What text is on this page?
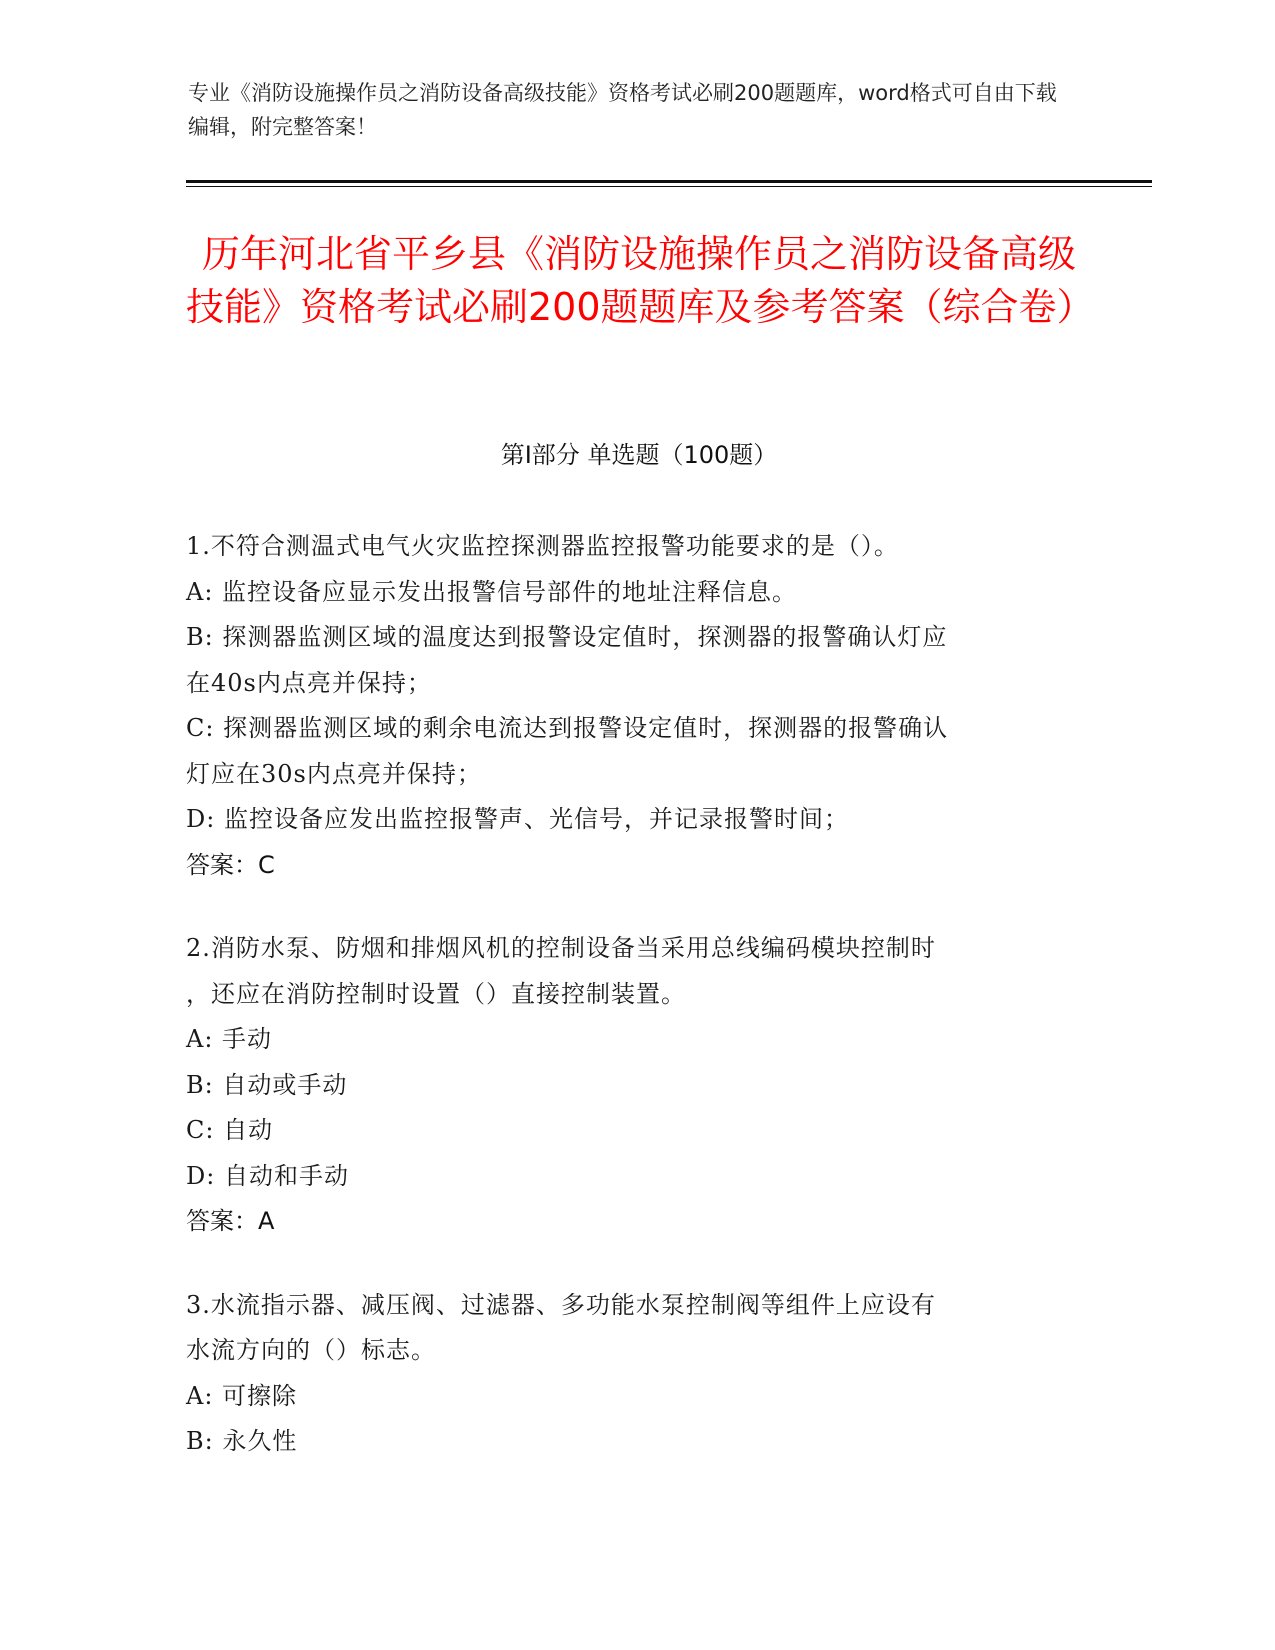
专业《消防设施操作员之消防设备高级技能》资格考试必刷200题题库，word格式可自由下载编辑，附完整答案！
历年河北省平乡县《消防设施操作员之消防设备高级技能》资格考试必刷200题题库及参考答案（综合卷）
第I部分 单选题（100题）
1.不符合测温式电气火灾监控探测器监控报警功能要求的是（）。
A: 监控设备应显示发出报警信号部件的地址注释信息。
B: 探测器监测区域的温度达到报警设定值时，探测器的报警确认灯应
在40s内点亮并保持；
C: 探测器监测区域的剩余电流达到报警设定值时，探测器的报警确认
灯应在30s内点亮并保持；
D: 监控设备应发出监控报警声、光信号，并记录报警时间；
答案：C
2.消防水泵、防烟和排烟风机的控制设备当采用总线编码模块控制时
，还应在消防控制时设置（）直接控制装置。
A: 手动
B: 自动或手动
C: 自动
D: 自动和手动
答案：A
3.水流指示器、减压阀、过滤器、多功能水泵控制阀等组件上应设有
水流方向的（）标志。
A: 可擦除
B: 永久性
